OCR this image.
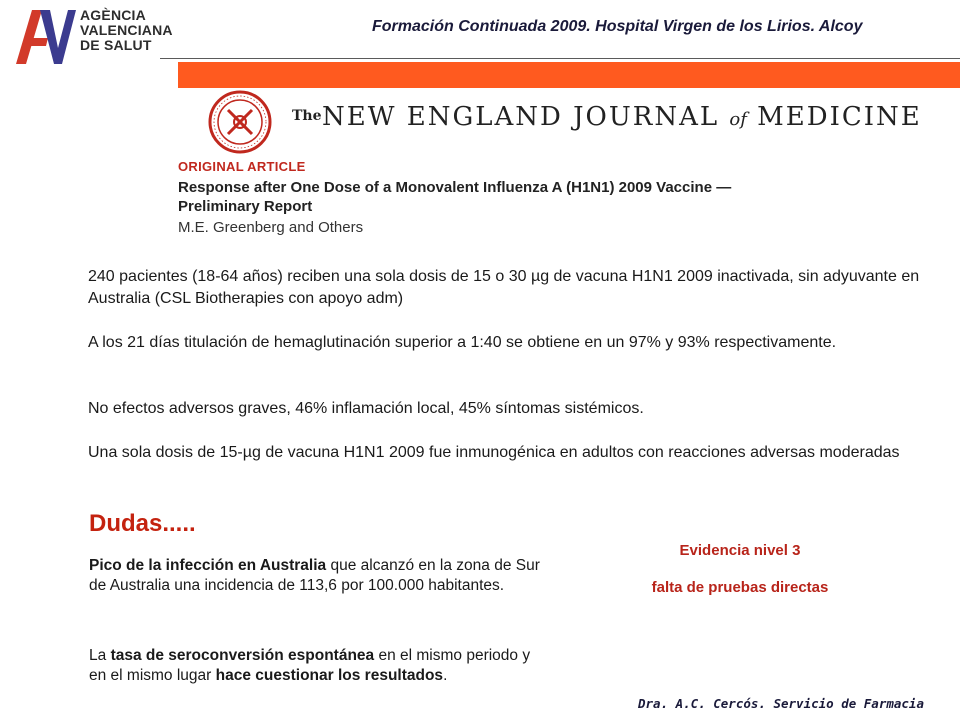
AGÈNCIA
VALENCIANA
DE SALUT
Formación Continuada 2009. Hospital Virgen de los Lirios. Alcoy
The NEW ENGLAND JOURNAL of MEDICINE
ORIGINAL ARTICLE
Response after One Dose of a Monovalent Influenza A (H1N1) 2009 Vaccine —
Preliminary Report
M.E. Greenberg and Others
240 pacientes (18-64 años) reciben una sola dosis de 15 o 30 µg de vacuna H1N1 2009 inactivada, sin adyuvante en Australia (CSL Biotherapies con apoyo adm)
A los 21 días titulación de hemaglutinación superior a 1:40 se obtiene en un 97% y 93% respectivamente.
No efectos adversos graves, 46% inflamación local, 45% síntomas sistémicos.
Una sola dosis de 15-µg de vacuna H1N1 2009 fue inmunogénica en adultos con reacciones adversas moderadas
Dudas.....
Pico de la infección en Australia que alcanzó en la zona de Sur de Australia una incidencia de 113,6 por 100.000 habitantes.
La tasa de seroconversión espontánea en el mismo periodo y en el mismo lugar hace cuestionar los resultados.
Evidencia nivel 3
falta de pruebas directas
Dra. A.C. Cercós. Servicio de Farmacia
